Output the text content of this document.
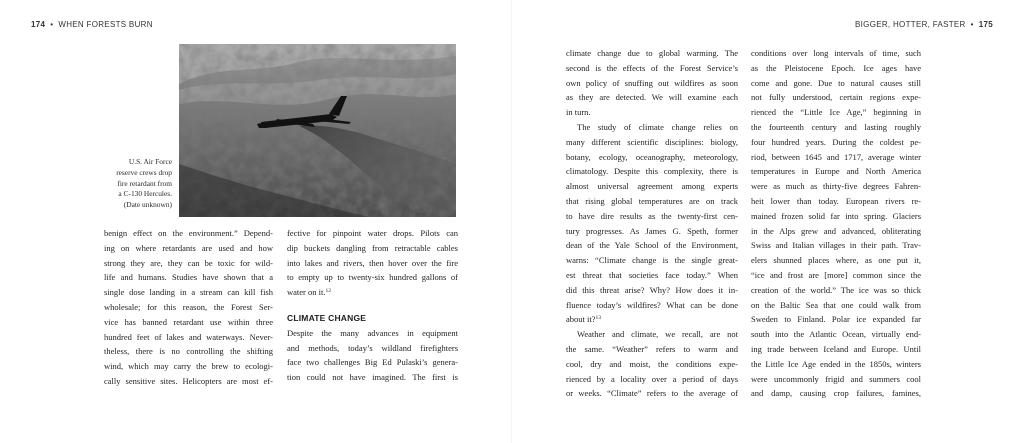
174 • WHEN FORESTS BURN	BIGGER, HOTTER, FASTER • 175
U.S. Air Force
reserve crews drop
fire retardant from
a C-130 Hercules.
(Date unknown)
benign effect on the environment.” Depend-
ing on where retardants are used and how
strong they are, they can be toxic for wild-
life and humans. Studies have shown that a
single dose landing in a stream can kill fish
wholesale; for this reason, the Forest Ser-
vice has banned retardant use within three
hundred feet of lakes and waterways. Never-
theless, there is no controlling the shifting
wind, which may carry the brew to ecologi-
cally sensitive sites. Helicopters are most ef-
fective for pinpoint water drops. Pilots can
dip buckets dangling from retractable cables
into lakes and rivers, then hover over the fire
to empty up to twenty-six hundred gallons of
water on it.$^{12}$
CLIMATE CHANGE
Despite the many advances in equipment
and methods, today’s wildland firefighters
face two challenges Big Ed Pulaski’s genera-
tion could not have imagined. The first is
climate change due to global warming. The
second is the effects of the Forest Service’s
own policy of snuffing out wildfires as soon
as they are detected. We will examine each
in turn.
The study of climate change relies on
many different scientific disciplines: biology,
botany, ecology, oceanography, meteorology,
climatology. Despite this complexity, there is
almost universal agreement among experts
that rising global temperatures are on track
to have dire results as the twenty-first cen-
tury progresses. As James G. Speth, former
dean of the Yale School of the Environment,
warns: “Climate change is the single great-
est threat that societies face today.” When
did this threat arise? Why? How does it in-
fluence today’s wildfires? What can be done
about it?$^{13}$
Weather and climate, we recall, are not
the same. “Weather” refers to warm and
cool, dry and moist, the conditions expe-
rienced by a locality over a period of days
or weeks. “Climate” refers to the average of
conditions over long intervals of time, such
as the Pleistocene Epoch. Ice ages have
come and gone. Due to natural causes still
not fully understood, certain regions expe-
rienced the “Little Ice Age,” beginning in
the fourteenth century and lasting roughly
four hundred years. During the coldest pe-
riod, between 1645 and 1717, average winter
temperatures in Europe and North America
were as much as thirty-five degrees Fahren-
heit lower than today. European rivers re-
mained frozen solid far into spring. Glaciers
in the Alps grew and advanced, obliterating
Swiss and Italian villages in their path. Trav-
elers shunned places where, as one put it,
“ice and frost are [more] common since the
creation of the world.” The ice was so thick
on the Baltic Sea that one could walk from
Sweden to Finland. Polar ice expanded far
south into the Atlantic Ocean, virtually end-
ing trade between Iceland and Europe. Until
the Little Ice Age ended in the 1850s, winters
were uncommonly frigid and summers cool
and damp, causing crop failures, famines,
